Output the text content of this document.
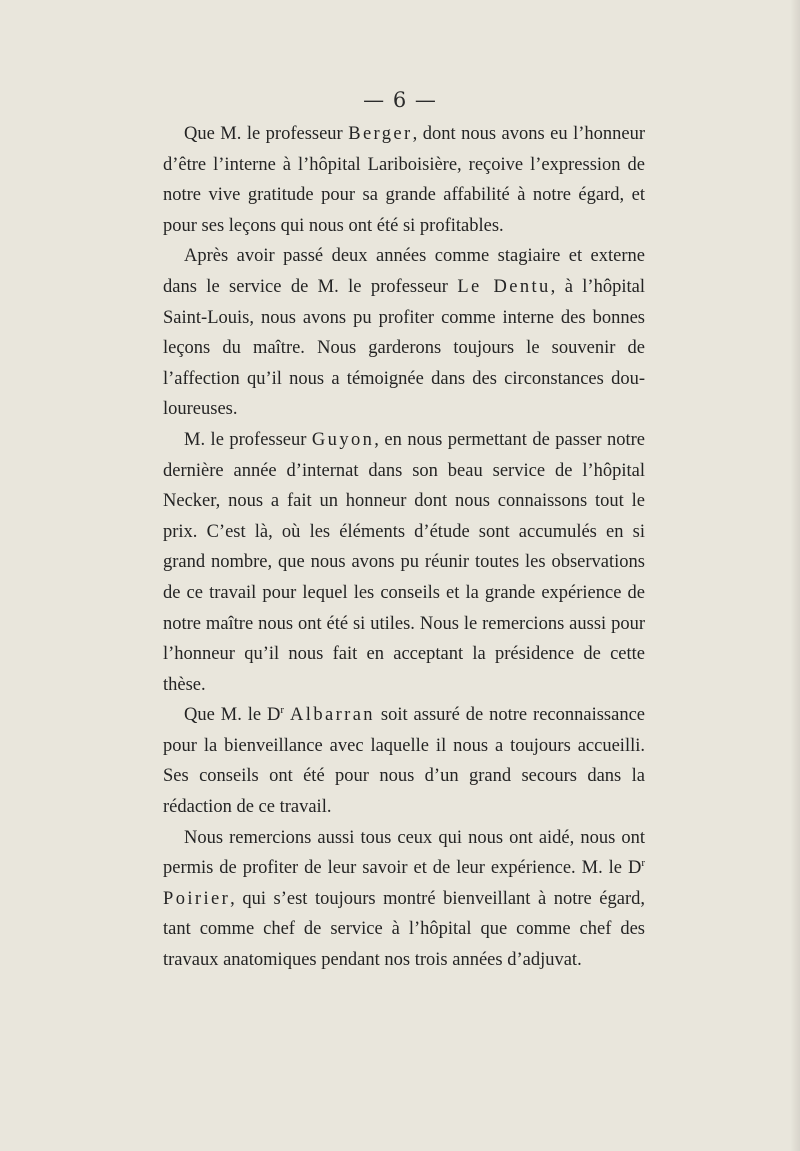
— 6 —

Que M. le professeur Berger, dont nous avons eu l’honneur d’être l’interne à l’hôpital Lariboisière, reçoive l’expression de notre vive gratitude pour sa grande affabilité à notre égard, et pour ses leçons qui nous ont été si profitables.

Après avoir passé deux années comme stagiaire et externe dans le service de M. le professeur Le Dentu, à l’hôpital Saint-Louis, nous avons pu profiter comme interne des bonnes leçons du maître. Nous garderons toujours le souvenir de l’affection qu’il nous a témoignée dans des circonstances douloureuses.

M. le professeur Guyon, en nous permettant de passer notre dernière année d’internat dans son beau service de l’hôpital Necker, nous a fait un honneur dont nous connaissons tout le prix. C’est là, où les éléments d’étude sont accumulés en si grand nombre, que nous avons pu réunir toutes les observations de ce travail pour lequel les conseils et la grande expérience de notre maître nous ont été si utiles. Nous le remercions aussi pour l’honneur qu’il nous fait en acceptant la présidence de cette thèse.

Que M. le $D^r$ Albarran soit assuré de notre reconnaissance pour la bienveillance avec laquelle il nous a toujours accueilli. Ses conseils ont été pour nous d’un grand secours dans la rédaction de ce travail.

Nous remercions aussi tous ceux qui nous ont aidé, nous ont permis de profiter de leur savoir et de leur expérience. M. le $D^r$ Poirier, qui s’est toujours montré bienveillant à notre égard, tant comme chef de service à l’hôpital que comme chef des travaux anatomiques pendant nos trois années d’adjuvat.
